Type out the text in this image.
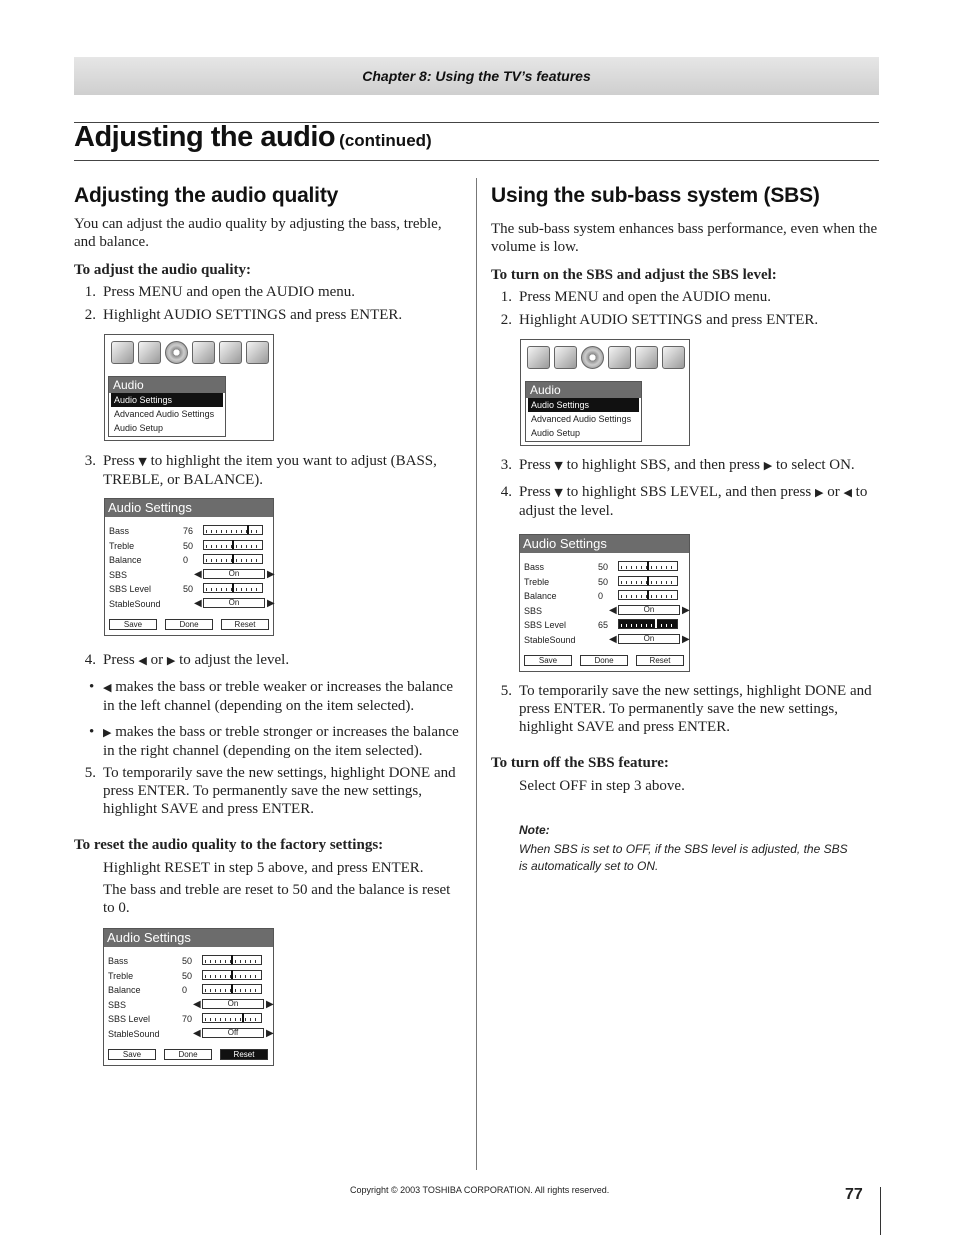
Chapter 8: Using the TV’s features
Adjusting the audio (continued)
Adjusting the audio quality

You can adjust the audio quality by adjusting the bass, treble, and balance.

To adjust the audio quality:

1. Press MENU and open the AUDIO menu.

2. Highlight AUDIO SETTINGS and press ENTER.

Audio
Audio Settings
Advanced Audio Settings
Audio Setup
3. Press ▼ to highlight the item you want to adjust (BASS, TREBLE, or BALANCE).

Audio Settings
Bass	76
Treble	50
Balance	0
SBS	◀	On	▶
SBS Level	50
StableSound	◀	On	▶
Save	Done	Reset
4. Press ◀ or ▶ to adjust the level.

• ◀ makes the bass or treble weaker or increases the balance in the left channel (depending on the item selected).

• ▶ makes the bass or treble stronger or increases the balance in the right channel (depending on the item selected).

5. To temporarily save the new settings, highlight DONE and press ENTER. To permanently save the new settings, highlight SAVE and press ENTER.

To reset the audio quality to the factory settings:

Highlight RESET in step 5 above, and press ENTER.

The bass and treble are reset to 50 and the balance is reset to 0.

Audio Settings
Bass	50
Treble	50
Balance	0
SBS	◀	On	▶
SBS Level	70
StableSound	◀	Off	▶
Save	Done	Reset
Using the sub-bass system (SBS)

The sub-bass system enhances bass performance, even when the volume is low.

To turn on the SBS and adjust the SBS level:

1. Press MENU and open the AUDIO menu.

2. Highlight AUDIO SETTINGS and press ENTER.

Audio
Audio Settings
Advanced Audio Settings
Audio Setup
3. Press ▼ to highlight SBS, and then press ▶ to select ON.

4. Press ▼ to highlight SBS LEVEL, and then press ▶ or ◀ to adjust the level.

Audio Settings
Bass	50
Treble	50
Balance	0
SBS	◀	On	▶
SBS Level	65
StableSound	◀	On	▶
Save	Done	Reset
5. To temporarily save the new settings, highlight DONE and press ENTER. To permanently save the new settings, highlight SAVE and press ENTER.

To turn off the SBS feature:

Select OFF in step 3 above.

Note:
When SBS is set to OFF, if the SBS level is adjusted, the SBS is automatically set to ON.
Copyright © 2003 TOSHIBA CORPORATION. All rights reserved.	77
